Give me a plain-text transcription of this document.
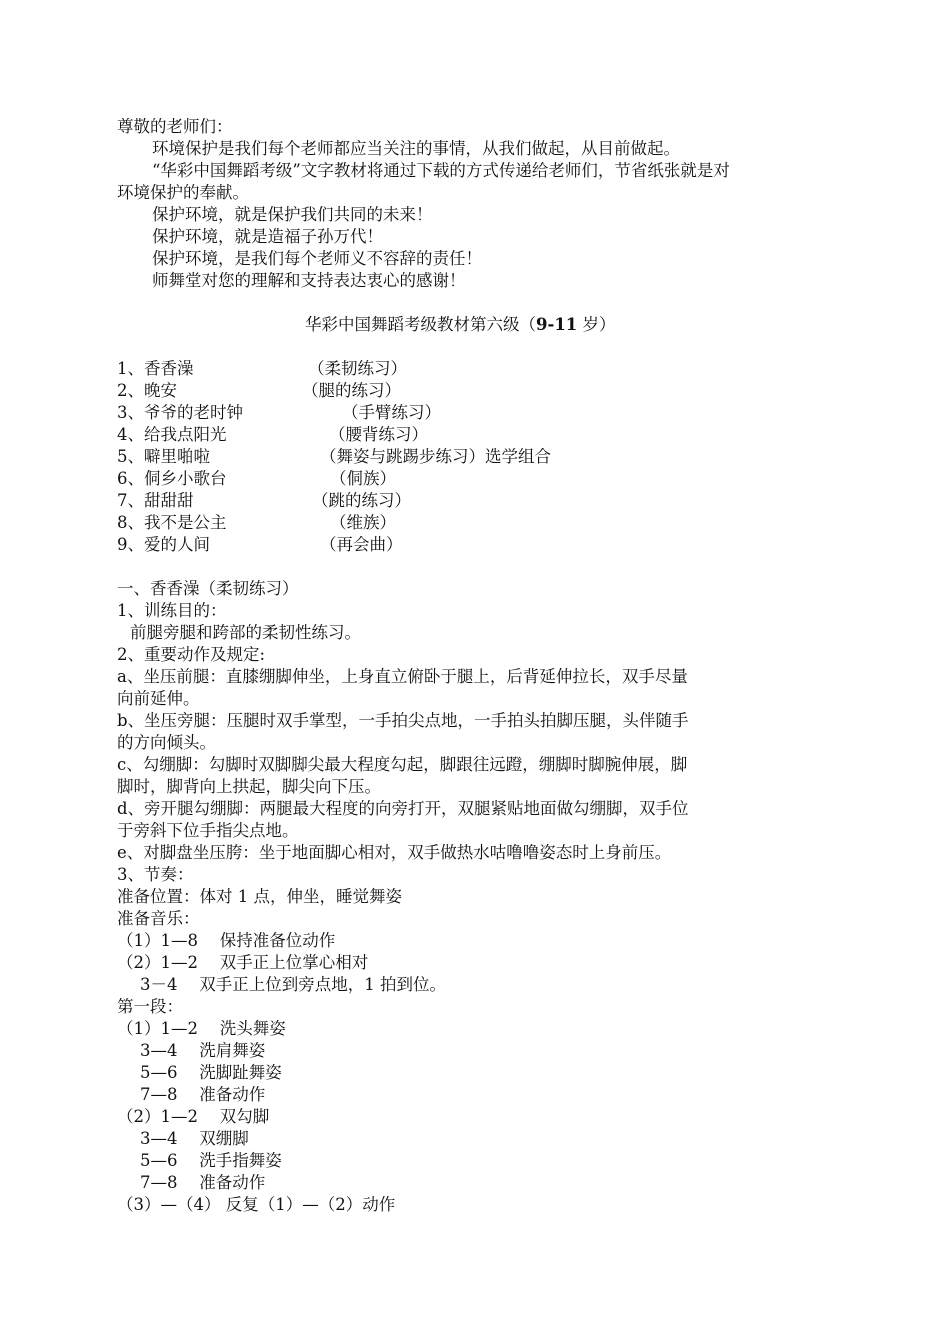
尊敬的老师们：
环境保护是我们每个老师都应当关注的事情，从我们做起，从目前做起。
“华彩中国舞蹈考级”文字教材将通过下载的方式传递给老师们，节省纸张就是对
环境保护的奉献。
保护环境，就是保护我们共同的未来！
保护环境，就是造福子孙万代！
保护环境，是我们每个老师义不容辞的责任！
师舞堂对您的理解和支持表达衷心的感谢！
华彩中国舞蹈考级教材第六级（9-11 岁）
1、香香澡	（柔韧练习）
2、晚安	（腿的练习）
3、爷爷的老时钟	（手臂练习）
4、给我点阳光	（腰背练习）
5、噼里啪啦	（舞姿与跳踢步练习）选学组合
6、侗乡小歌台	（侗族）
7、甜甜甜	（跳的练习）
8、我不是公主	（维族）
9、爱的人间	（再会曲）
一、香香澡（柔韧练习）
1、训练目的：
前腿旁腿和跨部的柔韧性练习。
2、重要动作及规定:
a、坐压前腿：直膝绷脚伸坐，上身直立俯卧于腿上，后背延伸拉长，双手尽量
向前延伸。
b、坐压旁腿：压腿时双手掌型，一手拍尖点地，一手拍头拍脚压腿，头伴随手
的方向倾头。
c、勾绷脚：勾脚时双脚脚尖最大程度勾起，脚跟往远蹬，绷脚时脚腕伸展，脚
脚时，脚背向上拱起，脚尖向下压。
d、旁开腿勾绷脚：两腿最大程度的向旁打开，双腿紧贴地面做勾绷脚，双手位
于旁斜下位手指尖点地。
e、对脚盘坐压胯：坐于地面脚心相对，双手做热水咕噜噜姿态时上身前压。
3、节奏：
准备位置：体对 1 点，伸坐，睡觉舞姿
准备音乐：
（1）1—8　 保持准备位动作
（2）1—2　 双手正上位掌心相对
3－4　 双手正上位到旁点地，1 拍到位。
第一段：
（1）1—2　 洗头舞姿
3—4　 洗肩舞姿
5—6　 洗脚趾舞姿
7—8　 准备动作
（2）1—2　 双勾脚
3—4　 双绷脚
5—6　 洗手指舞姿
7—8　 准备动作
（3）—（4） 反复（1）—（2）动作
